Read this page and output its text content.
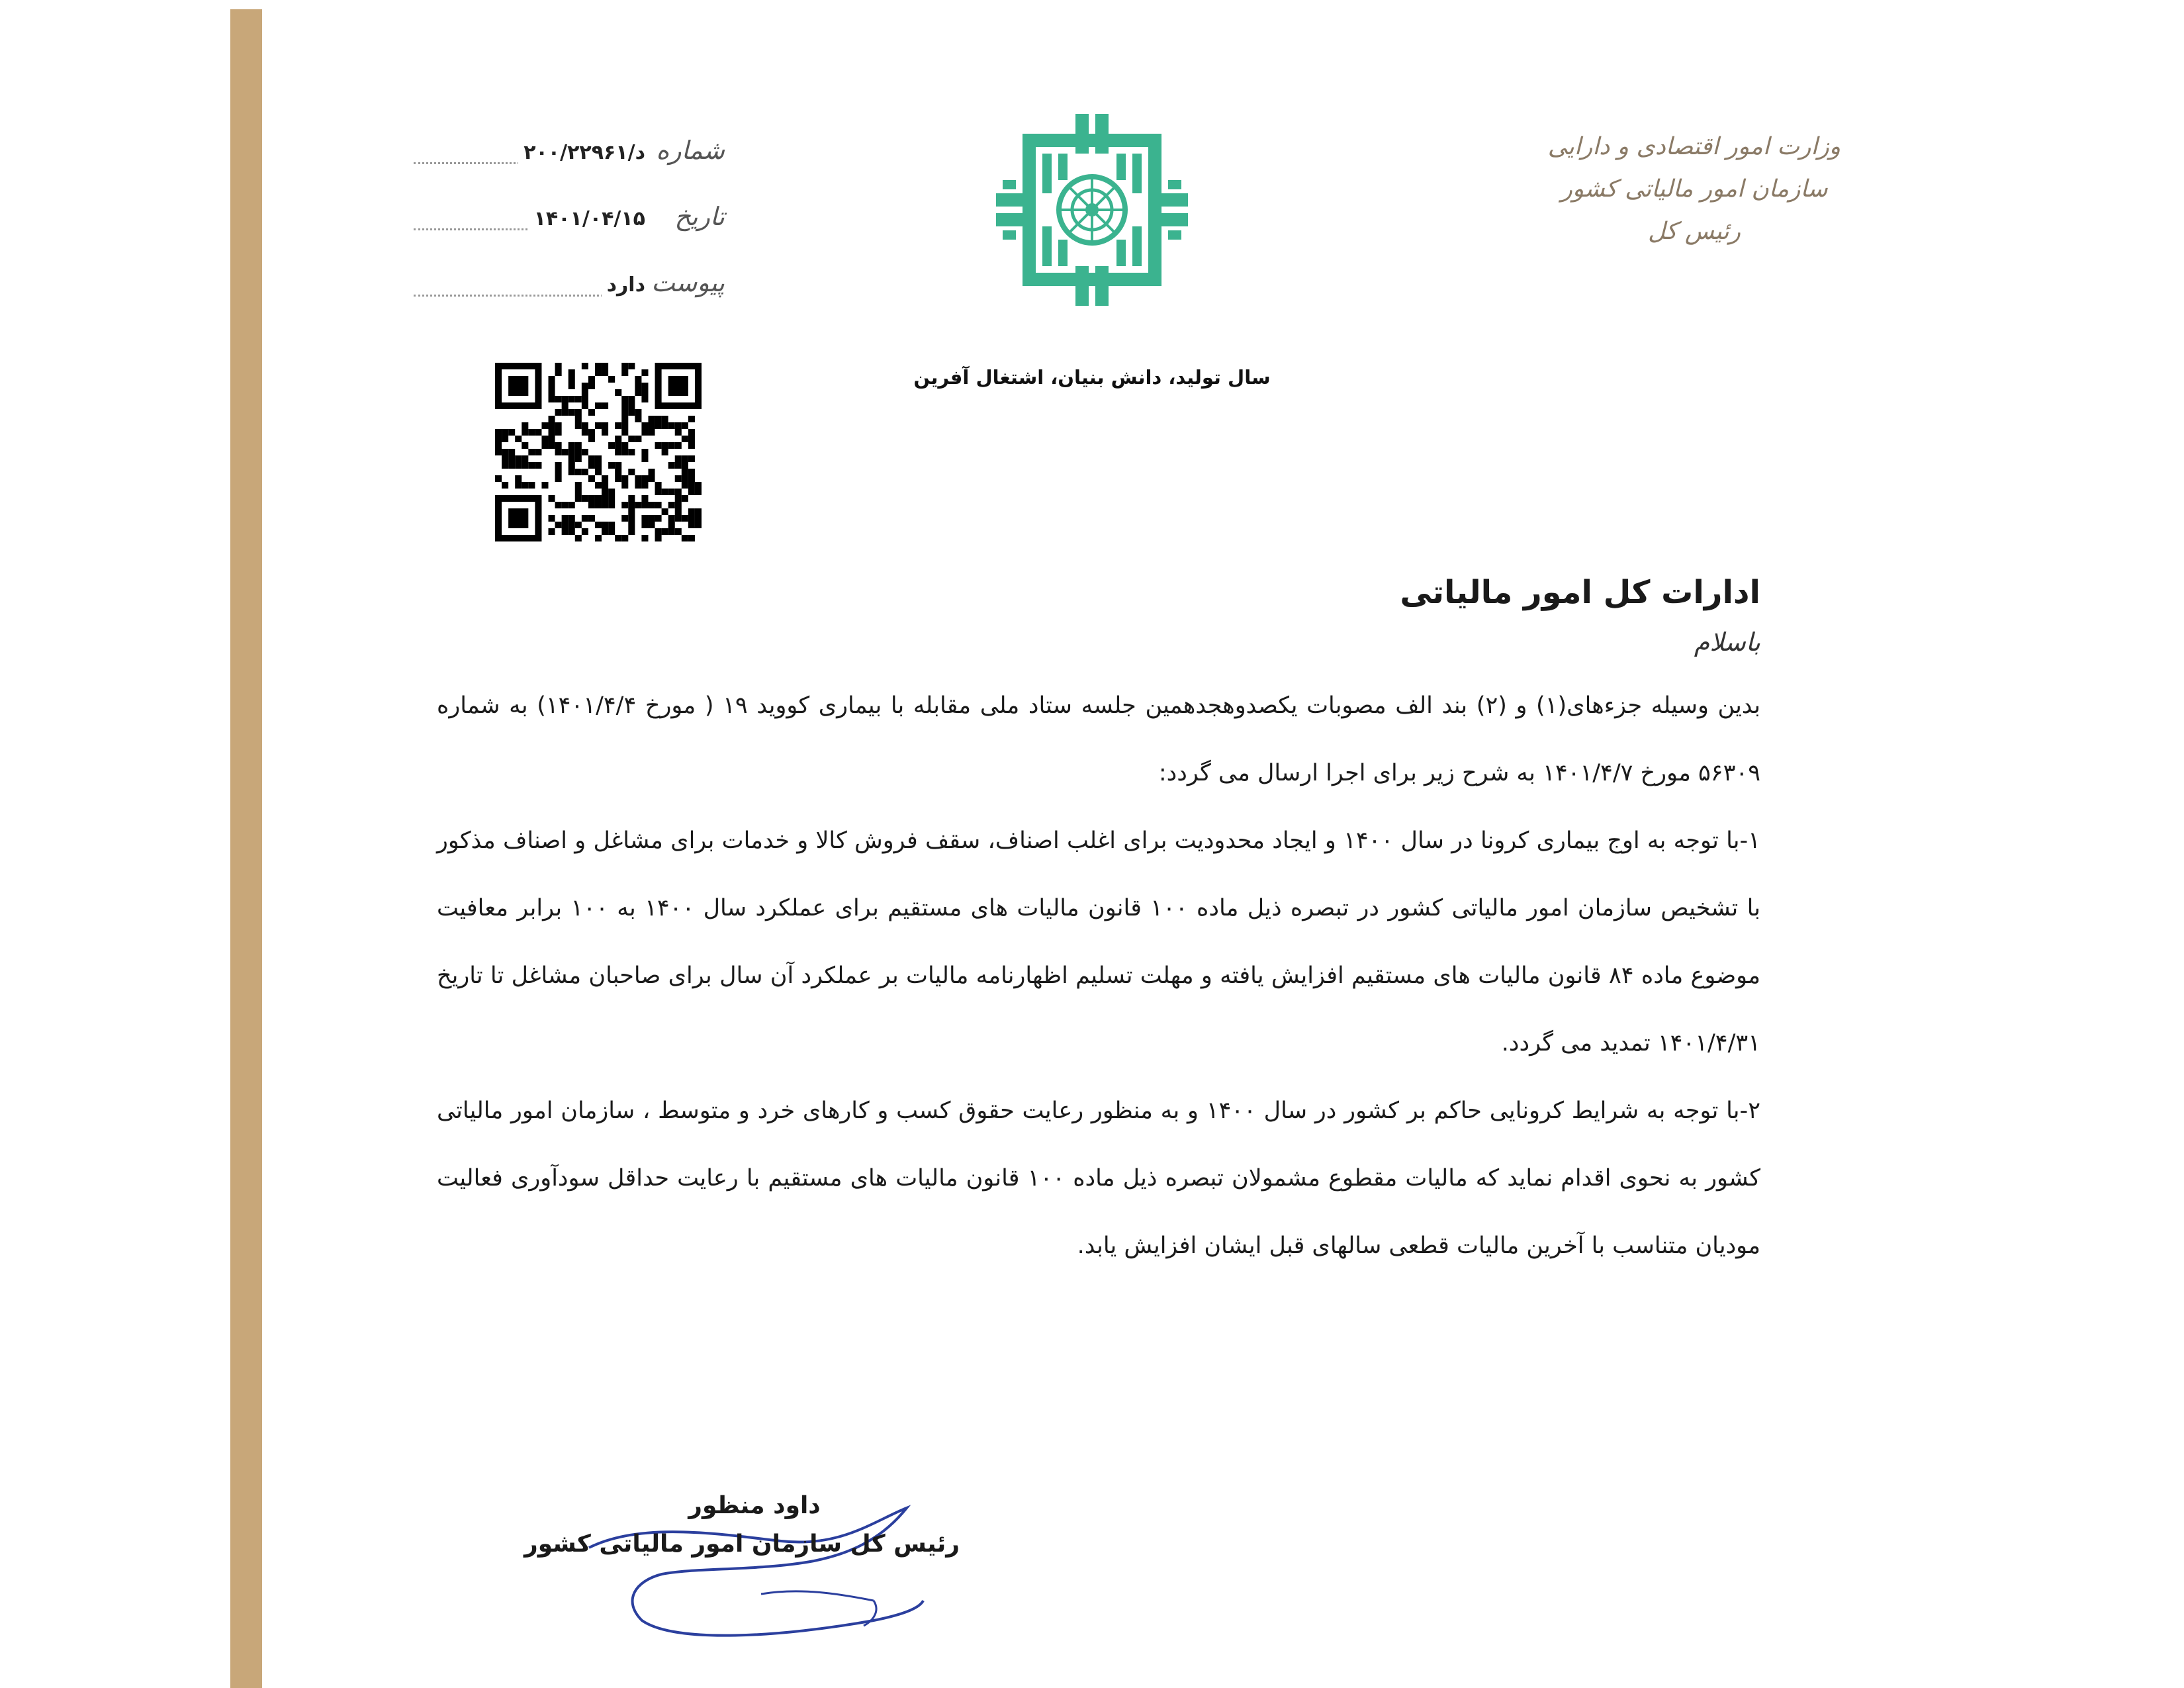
وزارت امور اقتصادی و دارایی
سازمان امور مالیاتی کشور
رئیس کل
سال تولید، دانش بنیان، اشتغال آفرین
شماره
د/۲۰۰/۲۲۹۶۱
تاریخ
۱۴۰۱/۰۴/۱۵
پیوست
دارد

ادارات کل امور مالیاتی

باسلام

بدین وسیله جزءهای(۱) و (۲) بند الف مصوبات یکصدوهجدهمین جلسه ستاد ملی مقابله با بیماری کووید ۱۹ ( مورخ ۱۴۰۱/۴/۴) به شماره ۵۶۳۰۹ مورخ ۱۴۰۱/۴/۷ به شرح زیر برای اجرا ارسال می گردد:

۱-با توجه به اوج بیماری کرونا در سال ۱۴۰۰ و ایجاد محدودیت برای اغلب اصناف، سقف فروش کالا و خدمات برای مشاغل و اصناف مذکور با تشخیص سازمان امور مالیاتی کشور در تبصره ذیل ماده ۱۰۰ قانون مالیات های مستقیم برای عملکرد سال ۱۴۰۰ به ۱۰۰ برابر معافیت موضوع ماده ۸۴ قانون مالیات های مستقیم افزایش یافته و مهلت تسلیم اظهارنامه مالیات بر عملکرد آن سال برای صاحبان مشاغل تا تاریخ ۱۴۰۱/۴/۳۱ تمدید می گردد.

۲-با توجه به شرایط کرونایی حاکم بر کشور در سال ۱۴۰۰ و به منظور رعایت حقوق کسب و کارهای خرد و متوسط ، سازمان امور مالیاتی کشور به نحوی اقدام نماید که مالیات مقطوع مشمولان تبصره ذیل ماده ۱۰۰ قانون مالیات های مستقیم با رعایت حداقل سودآوری فعالیت مودیان متناسب با آخرین مالیات قطعی سالهای قبل ایشان افزایش یابد.

داود منظور
رئیس کل سازمان امور مالیاتی کشور
